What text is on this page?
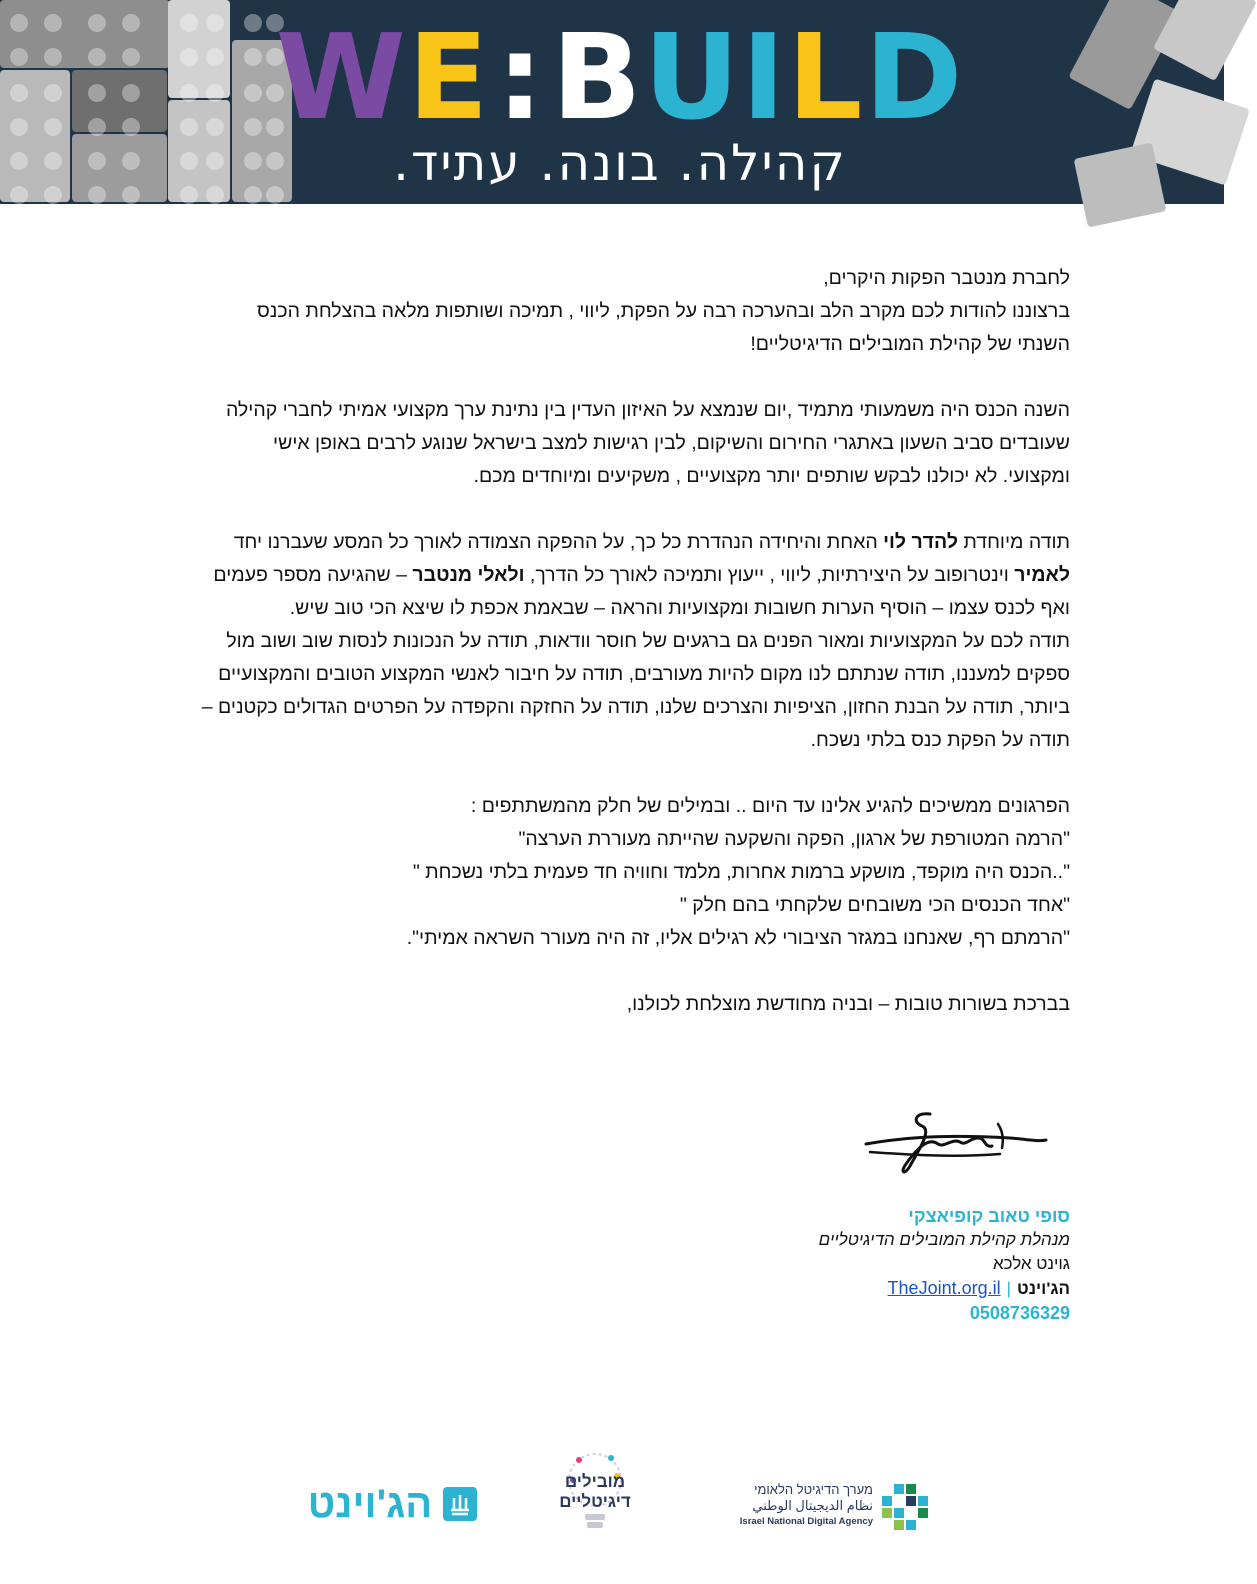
W E : B U I L D
קהילה. בונה. עתיד. דיגיטלי.

לחברת מנטבר הפקות היקרים,

ברצוננו להודות לכם מקרב הלב ובהערכה רבה על הפקת, ליווי , תמיכה ושותפות מלאה בהצלחת הכנס

השנתי של קהילת המובילים הדיגיטליים!

השנה הכנס היה משמעותי מתמיד ,יום שנמצא על האיזון העדין בין נתינת ערך מקצועי אמיתי לחברי קהילה

שעובדים סביב השעון באתגרי החירום והשיקום, לבין רגישות למצב בישראל שנוגע לרבים באופן אישי

ומקצועי. לא יכולנו לבקש שותפים יותר מקצועיים , משקיעים ומיוחדים מכם.

תודה מיוחדת להדר לוי האחת והיחידה הנהדרת כל כך, על ההפקה הצמודה לאורך כל המסע שעברנו יחד

לאמיר וינטרופוב על היצירתיות, ליווי , ייעוץ ותמיכה לאורך כל הדרך, ולאלי מנטבר – שהגיעה מספר פעמים

ואף לכנס עצמו – הוסיף הערות חשובות ומקצועיות והראה – שבאמת אכפת לו שיצא הכי טוב שיש.

תודה לכם על המקצועיות ומאור הפנים גם ברגעים של חוסר וודאות, תודה על הנכונות לנסות שוב ושוב מול

ספקים למעננו, תודה שנתתם לנו מקום להיות מעורבים, תודה על חיבור לאנשי המקצוע הטובים והמקצועיים

ביותר, תודה על הבנת החזון, הציפיות והצרכים שלנו, תודה על החזקה והקפדה על הפרטים הגדולים כקטנים –

תודה על הפקת כנס בלתי נשכח.

הפרגונים ממשיכים להגיע אלינו עד היום .. ובמילים של חלק מהמשתתפים :

"הרמה המטורפת של ארגון, הפקה והשקעה שהייתה מעוררת הערצה"

"..הכנס היה מוקפד, מושקע ברמות אחרות, מלמד וחוויה חד פעמית בלתי נשכחת "

"אחד הכנסים הכי משובחים שלקחתי בהם חלק "

"הרמתם רף, שאנחנו במגזר הציבורי לא רגילים אליו, זה היה מעורר השראה אמיתי".

בברכת בשורות טובות – ובניה מחודשת מוצלחת לכולנו,

סופי טאוב קופיאצקי
מנהלת קהילת המובילים הדיגיטליים
גוינט אלכא
הג'וינט|TheJoint.org.il
0508736329
הג'וינט
מובילים
דיגיטליים
מערך הדיגיטל הלאומי
نظام الديجيتال الوطني
Israel National Digital Agency
